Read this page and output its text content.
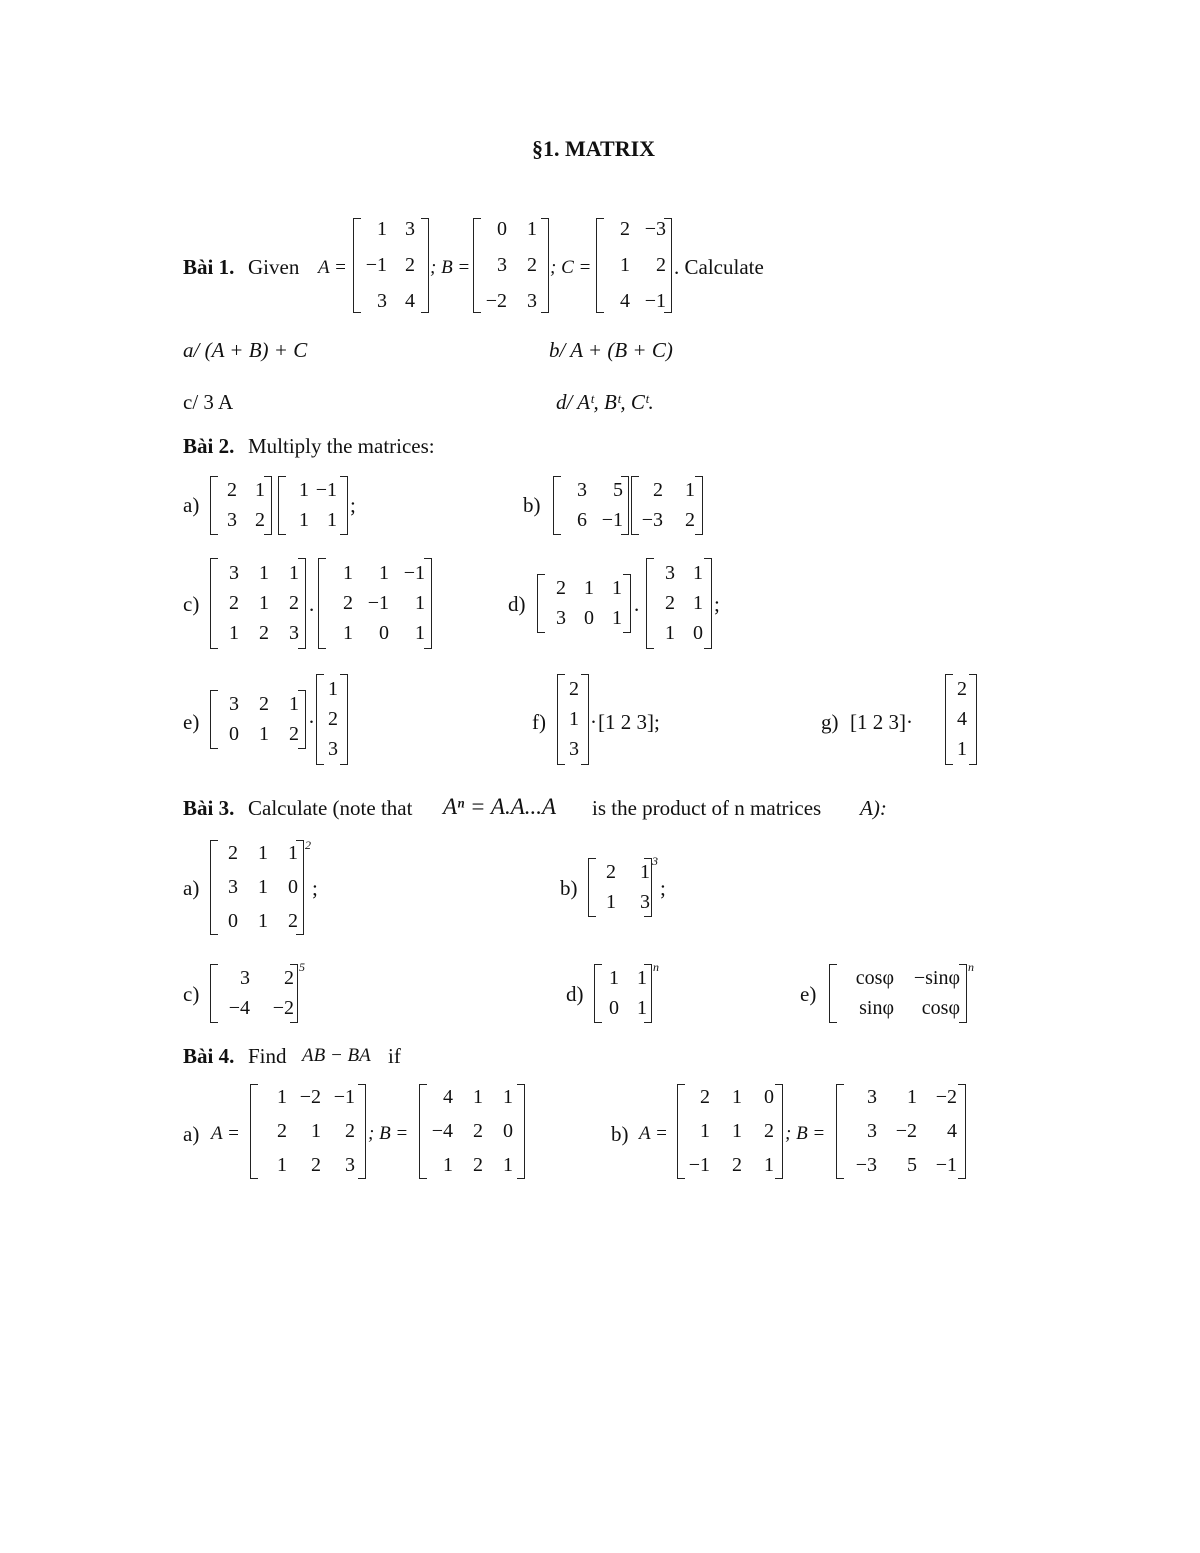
§1. MATRIX
Bài 1. Given A =
1 3
−1 2
3 4
; B =
0	1
3	2
−2	3
; C =
2 −3
1	2
4 −1
. Calculate
a/ (A + B) + C	b/ A + (B + C)
c/ 3 A	d/ Aᵗ, Bᵗ, Cᵗ.
Bài 2. Multiply the matrices:
a)
2 1
3 2
1 −1
1 1
;	b)
3	5
6 −1
2	1
−3	2
c)
3	1	1
2	1	2
1	2	3
.
1	1 −1
2 −1	1
1	0	1
d)
2 1 1
3 0 1
.
3 1
2 1
1 0
;
e)
3	2	1
0	1	2 ·
1
2
3
f)
2
1
3
· [1 2 3];	g) [1 2 3]·
2
4
1
Bài 3. Calculate (note that Aⁿ = A.A...A is the product of n matrices A):
a)
2	1	1
3	1	0
0	1	2
2
;	b)
2	1
1	3
3
;
c)
3	2
−4	−2
5
d)
1 1
0 1
n
e)
cosφ −sinφ
sinφ	cosφ
n
Bài 4. Find AB − BA if
a) A =
1 −2 −1
2	1	2
1	2	3
; B =
4	1	1
−4	2	0
1	2	1
b) A =
2	1	0
1	1	2
−1	2	1
; B =
3	1 −2
3 −2	4
−3	5 −1
